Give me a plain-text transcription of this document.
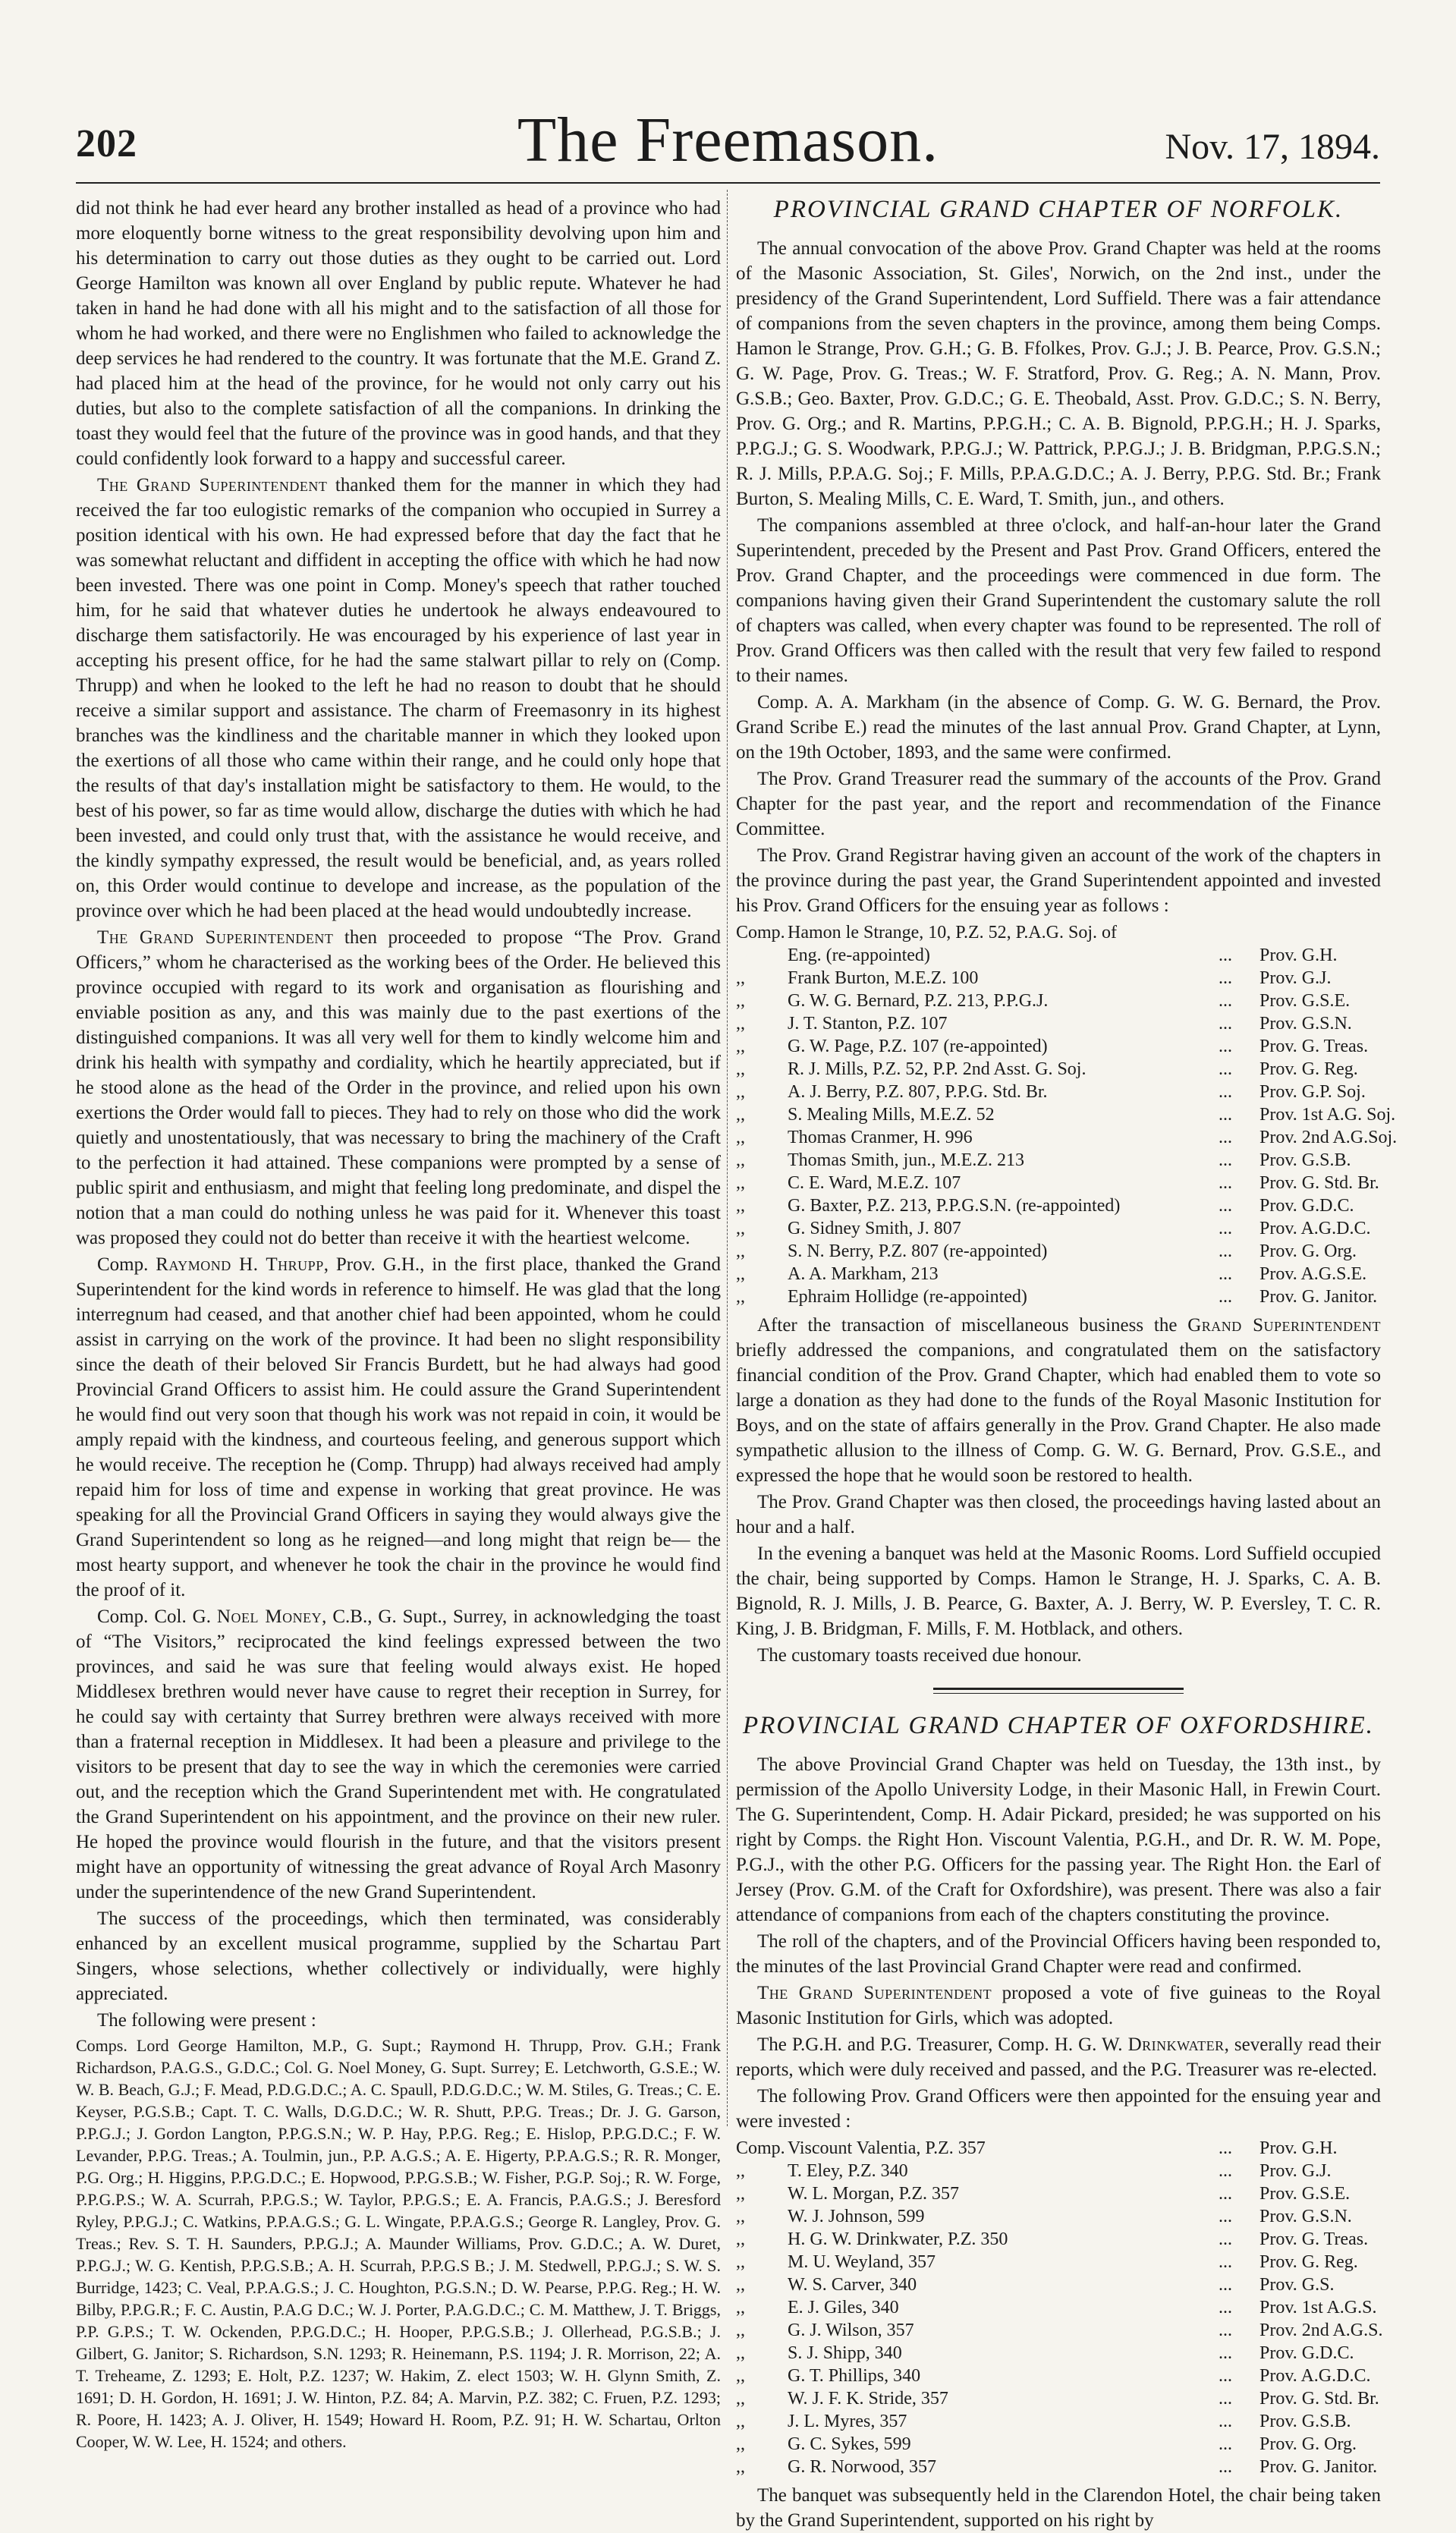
202	The Freemason.	Nov. 17, 1894.

did not think he had ever heard any brother installed as head of a province who had more eloquently borne witness to the great responsibility devolving upon him and his determination to carry out those duties as they ought to be carried out. Lord George Hamilton was known all over England by public repute. Whatever he had taken in hand he had done with all his might and to the satisfaction of all those for whom he had worked, and there were no Englishmen who failed to acknowledge the deep services he had rendered to the country. It was fortunate that the M.E. Grand Z. had placed him at the head of the province, for he would not only carry out his duties, but also to the complete satisfaction of all the companions. In drinking the toast they would feel that the future of the province was in good hands, and that they could confidently look forward to a happy and successful career.

The Grand Superintendent thanked them for the manner in which they had received the far too eulogistic remarks of the companion who occupied in Surrey a position identical with his own. He had expressed before that day the fact that he was somewhat reluctant and diffident in accepting the office with which he had now been invested. There was one point in Comp. Money's speech that rather touched him, for he said that whatever duties he undertook he always endeavoured to discharge them satisfactorily. He was encouraged by his experience of last year in accepting his present office, for he had the same stalwart pillar to rely on (Comp. Thrupp) and when he looked to the left he had no reason to doubt that he should receive a similar support and assistance. The charm of Freemasonry in its highest branches was the kindliness and the charitable manner in which they looked upon the exertions of all those who came within their range, and he could only hope that the results of that day's installation might be satisfactory to them. He would, to the best of his power, so far as time would allow, discharge the duties with which he had been invested, and could only trust that, with the assistance he would receive, and the kindly sympathy expressed, the result would be beneficial, and, as years rolled on, this Order would continue to develope and increase, as the population of the province over which he had been placed at the head would undoubtedly increase.

The Grand Superintendent then proceeded to propose “The Prov. Grand Officers,” whom he characterised as the working bees of the Order. He believed this province occupied with regard to its work and organisation as flourishing and enviable position as any, and this was mainly due to the past exertions of the distinguished companions. It was all very well for them to kindly welcome him and drink his health with sympathy and cordiality, which he heartily appreciated, but if he stood alone as the head of the Order in the province, and relied upon his own exertions the Order would fall to pieces. They had to rely on those who did the work quietly and unostentatiously, that was necessary to bring the machinery of the Craft to the perfection it had attained. These companions were prompted by a sense of public spirit and enthusiasm, and might that feeling long predominate, and dispel the notion that a man could do nothing unless he was paid for it. Whenever this toast was proposed they could not do better than receive it with the heartiest welcome.

Comp. Raymond H. Thrupp, Prov. G.H., in the first place, thanked the Grand Superintendent for the kind words in reference to himself. He was glad that the long interregnum had ceased, and that another chief had been appointed, whom he could assist in carrying on the work of the province. It had been no slight responsibility since the death of their beloved Sir Francis Burdett, but he had always had good Provincial Grand Officers to assist him. He could assure the Grand Superintendent he would find out very soon that though his work was not repaid in coin, it would be amply repaid with the kindness, and courteous feeling, and generous support which he would receive. The reception he (Comp. Thrupp) had always received had amply repaid him for loss of time and expense in working that great province. He was speaking for all the Provincial Grand Officers in saying they would always give the Grand Superintendent so long as he reigned—and long might that reign be— the most hearty support, and whenever he took the chair in the province he would find the proof of it.

Comp. Col. G. Noel Money, C.B., G. Supt., Surrey, in acknowledging the toast of “The Visitors,” reciprocated the kind feelings expressed between the two provinces, and said he was sure that feeling would always exist. He hoped Middlesex brethren would never have cause to regret their reception in Surrey, for he could say with certainty that Surrey brethren were always received with more than a fraternal reception in Middlesex. It had been a pleasure and privilege to the visitors to be present that day to see the way in which the ceremonies were carried out, and the reception which the Grand Superintendent met with. He congratulated the Grand Superintendent on his appointment, and the province on their new ruler. He hoped the province would flourish in the future, and that the visitors present might have an opportunity of witnessing the great advance of Royal Arch Masonry under the superintendence of the new Grand Superintendent.

The success of the proceedings, which then terminated, was considerably enhanced by an excellent musical programme, supplied by the Schartau Part Singers, whose selections, whether collectively or individually, were highly appreciated.

The following were present :

Comps. Lord George Hamilton, M.P., G. Supt.; Raymond H. Thrupp, Prov. G.H.; Frank Richardson, P.A.G.S., G.D.C.; Col. G. Noel Money, G. Supt. Surrey; E. Letchworth, G.S.E.; W. W. B. Beach, G.J.; F. Mead, P.D.G.D.C.; A. C. Spaull, P.D.G.D.C.; W. M. Stiles, G. Treas.; C. E. Keyser, P.G.S.B.; Capt. T. C. Walls, D.G.D.C.; W. R. Shutt, P.P.G. Treas.; Dr. J. G. Garson, P.P.G.J.; J. Gordon Langton, P.P.G.S.N.; W. P. Hay, P.P.G. Reg.; E. Hislop, P.P.G.D.C.; F. W. Levander, P.P.G. Treas.; A. Toulmin, jun., P.P. A.G.S.; A. E. Higerty, P.P.A.G.S.; R. R. Monger, P.G. Org.; H. Higgins, P.P.G.D.C.; E. Hopwood, P.P.G.S.B.; W. Fisher, P.G.P. Soj.; R. W. Forge, P.P.G.P.S.; W. A. Scurrah, P.P.G.S.; W. Taylor, P.P.G.S.; E. A. Francis, P.A.G.S.; J. Beresford Ryley, P.P.G.J.; C. Watkins, P.P.A.G.S.; G. L. Wingate, P.P.A.G.S.; George R. Langley, Prov. G. Treas.; Rev. S. T. H. Saunders, P.P.G.J.; A. Maunder Williams, Prov. G.D.C.; A. W. Duret, P.P.G.J.; W. G. Kentish, P.P.G.S.B.; A. H. Scurrah, P.P.G.S B.; J. M. Stedwell, P.P.G.J.; S. W. S. Burridge, 1423; C. Veal, P.P.A.G.S.; J. C. Houghton, P.G.S.N.; D. W. Pearse, P.P.G. Reg.; H. W. Bilby, P.P.G.R.; F. C. Austin, P.A.G D.C.; W. J. Porter, P.A.G.D.C.; C. M. Matthew, J. T. Briggs, P.P. G.P.S.; T. W. Ockenden, P.P.G.D.C.; H. Hooper, P.P.G.S.B.; J. Ollerhead, P.G.S.B.; J. Gilbert, G. Janitor; S. Richardson, S.N. 1293; R. Heinemann, P.S. 1194; J. R. Morrison, 22; A. T. Treheame, Z. 1293; E. Holt, P.Z. 1237; W. Hakim, Z. elect 1503; W. H. Glynn Smith, Z. 1691; D. H. Gordon, H. 1691; J. W. Hinton, P.Z. 84; A. Marvin, P.Z. 382; C. Fruen, P.Z. 1293; R. Poore, H. 1423; A. J. Oliver, H. 1549; Howard H. Room, P.Z. 91; H. W. Schartau, Orlton Cooper, W. W. Lee, H. 1524; and others.

PROVINCIAL GRAND CHAPTER OF NORFOLK.

The annual convocation of the above Prov. Grand Chapter was held at the rooms of the Masonic Association, St. Giles', Norwich, on the 2nd inst., under the presidency of the Grand Superintendent, Lord Suffield. There was a fair attendance of companions from the seven chapters in the province, among them being Comps. Hamon le Strange, Prov. G.H.; G. B. Ffolkes, Prov. G.J.; J. B. Pearce, Prov. G.S.N.; G. W. Page, Prov. G. Treas.; W. F. Stratford, Prov. G. Reg.; A. N. Mann, Prov. G.S.B.; Geo. Baxter, Prov. G.D.C.; G. E. Theobald, Asst. Prov. G.D.C.; S. N. Berry, Prov. G. Org.; and R. Martins, P.P.G.H.; C. A. B. Bignold, P.P.G.H.; H. J. Sparks, P.P.G.J.; G. S. Woodwark, P.P.G.J.; W. Pattrick, P.P.G.J.; J. B. Bridgman, P.P.G.S.N.; R. J. Mills, P.P.A.G. Soj.; F. Mills, P.P.A.G.D.C.; A. J. Berry, P.P.G. Std. Br.; Frank Burton, S. Mealing Mills, C. E. Ward, T. Smith, jun., and others.

The companions assembled at three o'clock, and half-an-hour later the Grand Superintendent, preceded by the Present and Past Prov. Grand Officers, entered the Prov. Grand Chapter, and the proceedings were commenced in due form. The companions having given their Grand Superintendent the customary salute the roll of chapters was called, when every chapter was found to be represented. The roll of Prov. Grand Officers was then called with the result that very few failed to respond to their names.

Comp. A. A. Markham (in the absence of Comp. G. W. G. Bernard, the Prov. Grand Scribe E.) read the minutes of the last annual Prov. Grand Chapter, at Lynn, on the 19th October, 1893, and the same were confirmed.

The Prov. Grand Treasurer read the summary of the accounts of the Prov. Grand Chapter for the past year, and the report and recommendation of the Finance Committee.

The Prov. Grand Registrar having given an account of the work of the chapters in the province during the past year, the Grand Superintendent appointed and invested his Prov. Grand Officers for the ensuing year as follows :

Comp. Hamon le Strange, 10, P.Z. 52, P.A.G. Soj. of
Eng. (re-appointed)	...	Prov. G.H.
,,	Frank Burton, M.E.Z. 100	...	Prov. G.J.
,,	G. W. G. Bernard, P.Z. 213, P.P.G.J.	...	Prov. G.S.E.
,,	J. T. Stanton, P.Z. 107	...	Prov. G.S.N.
,,	G. W. Page, P.Z. 107 (re-appointed)	...	Prov. G. Treas.
,,	R. J. Mills, P.Z. 52, P.P. 2nd Asst. G. Soj.	...	Prov. G. Reg.
,,	A. J. Berry, P.Z. 807, P.P.G. Std. Br.	...	Prov. G.P. Soj.
,,	S. Mealing Mills, M.E.Z. 52	...	Prov. 1st A.G. Soj.
,,	Thomas Cranmer, H. 996	...	Prov. 2nd A.G.Soj.
,,	Thomas Smith, jun., M.E.Z. 213	...	Prov. G.S.B.
,,	C. E. Ward, M.E.Z. 107	...	Prov. G. Std. Br.
,,	G. Baxter, P.Z. 213, P.P.G.S.N. (re-appointed)	...	Prov. G.D.C.
,,	G. Sidney Smith, J. 807	...	Prov. A.G.D.C.
,,	S. N. Berry, P.Z. 807 (re-appointed)	...	Prov. G. Org.
,,	A. A. Markham, 213	...	Prov. A.G.S.E.
,,	Ephraim Hollidge (re-appointed)	...	Prov. G. Janitor.

After the transaction of miscellaneous business the Grand Superintendent briefly addressed the companions, and congratulated them on the satisfactory financial condition of the Prov. Grand Chapter, which had enabled them to vote so large a donation as they had done to the funds of the Royal Masonic Institution for Boys, and on the state of affairs generally in the Prov. Grand Chapter. He also made sympathetic allusion to the illness of Comp. G. W. G. Bernard, Prov. G.S.E., and expressed the hope that he would soon be restored to health.

The Prov. Grand Chapter was then closed, the proceedings having lasted about an hour and a half.

In the evening a banquet was held at the Masonic Rooms. Lord Suffield occupied the chair, being supported by Comps. Hamon le Strange, H. J. Sparks, C. A. B. Bignold, R. J. Mills, J. B. Pearce, G. Baxter, A. J. Berry, W. P. Eversley, T. C. R. King, J. B. Bridgman, F. Mills, F. M. Hotblack, and others.

The customary toasts received due honour.

PROVINCIAL GRAND CHAPTER OF OXFORDSHIRE.

The above Provincial Grand Chapter was held on Tuesday, the 13th inst., by permission of the Apollo University Lodge, in their Masonic Hall, in Frewin Court. The G. Superintendent, Comp. H. Adair Pickard, presided; he was supported on his right by Comps. the Right Hon. Viscount Valentia, P.G.H., and Dr. R. W. M. Pope, P.G.J., with the other P.G. Officers for the passing year. The Right Hon. the Earl of Jersey (Prov. G.M. of the Craft for Oxfordshire), was present. There was also a fair attendance of companions from each of the chapters constituting the province.

The roll of the chapters, and of the Provincial Officers having been responded to, the minutes of the last Provincial Grand Chapter were read and confirmed.

The Grand Superintendent proposed a vote of five guineas to the Royal Masonic Institution for Girls, which was adopted.

The P.G.H. and P.G. Treasurer, Comp. H. G. W. Drinkwater, severally read their reports, which were duly received and passed, and the P.G. Treasurer was re-elected.

The following Prov. Grand Officers were then appointed for the ensuing year and were invested :

Comp. Viscount Valentia, P.Z. 357	...	Prov. G.H.
,,	T. Eley, P.Z. 340	...	Prov. G.J.
,,	W. L. Morgan, P.Z. 357	...	Prov. G.S.E.
,,	W. J. Johnson, 599	...	Prov. G.S.N.
,,	H. G. W. Drinkwater, P.Z. 350	...	Prov. G. Treas.
,,	M. U. Weyland, 357	...	Prov. G. Reg.
,,	W. S. Carver, 340	...	Prov. G.S.
,,	E. J. Giles, 340	...	Prov. 1st A.G.S.
,,	G. J. Wilson, 357	...	Prov. 2nd A.G.S.
,,	S. J. Shipp, 340	...	Prov. G.D.C.
,,	G. T. Phillips, 340	...	Prov. A.G.D.C.
,,	W. J. F. K. Stride, 357	...	Prov. G. Std. Br.
,,	J. L. Myres, 357	...	Prov. G.S.B.
,,	G. C. Sykes, 599	...	Prov. G. Org.
,,	G. R. Norwood, 357	...	Prov. G. Janitor.

The banquet was subsequently held in the Clarendon Hotel, the chair being taken by the Grand Superintendent, supported on his right by
